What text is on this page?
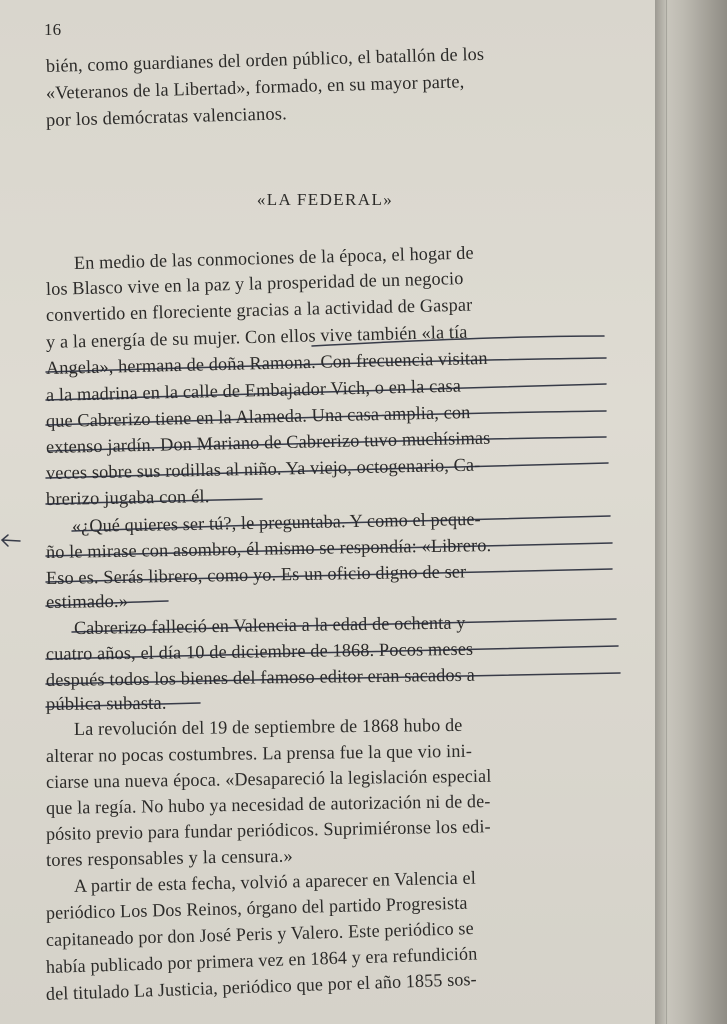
16
bién, como guardianes del orden público, el batallón de los
«Veteranos de la Libertad», formado, en su mayor parte,
por los demócratas valencianos.
«LA FEDERAL»
En medio de las conmociones de la época, el hogar de
los Blasco vive en la paz y la prosperidad de un negocio
convertido en floreciente gracias a la actividad de Gaspar
y a la energía de su mujer. Con ellos vive también «la tía
Angela», hermana de doña Ramona. Con frecuencia visitan
a la madrina en la calle de Embajador Vich, o en la casa
que Cabrerizo tiene en la Alameda. Una casa amplia, con
extenso jardín. Don Mariano de Cabrerizo tuvo muchísimas
veces sobre sus rodillas al niño. Ya viejo, octogenario, Ca-
brerizo jugaba con él.
«¿Qué quieres ser tú?, le preguntaba. Y como el peque-
ño le mirase con asombro, él mismo se respondía: «Librero.
Eso es. Serás librero, como yo. Es un oficio digno de ser
estimado.»
Cabrerizo falleció en Valencia a la edad de ochenta y
cuatro años, el día 10 de diciembre de 1868. Pocos meses
después todos los bienes del famoso editor eran sacados a
pública subasta.
La revolución del 19 de septiembre de 1868 hubo de
alterar no pocas costumbres. La prensa fue la que vio ini-
ciarse una nueva época. «Desapareció la legislación especial
que la regía. No hubo ya necesidad de autorización ni de de-
pósito previo para fundar periódicos. Suprimiéronse los edi-
tores responsables y la censura.»
A partir de esta fecha, volvió a aparecer en Valencia el
periódico Los Dos Reinos, órgano del partido Progresista
capitaneado por don José Peris y Valero. Este periódico se
había publicado por primera vez en 1864 y era refundición
del titulado La Justicia, periódico que por el año 1855 sos-
